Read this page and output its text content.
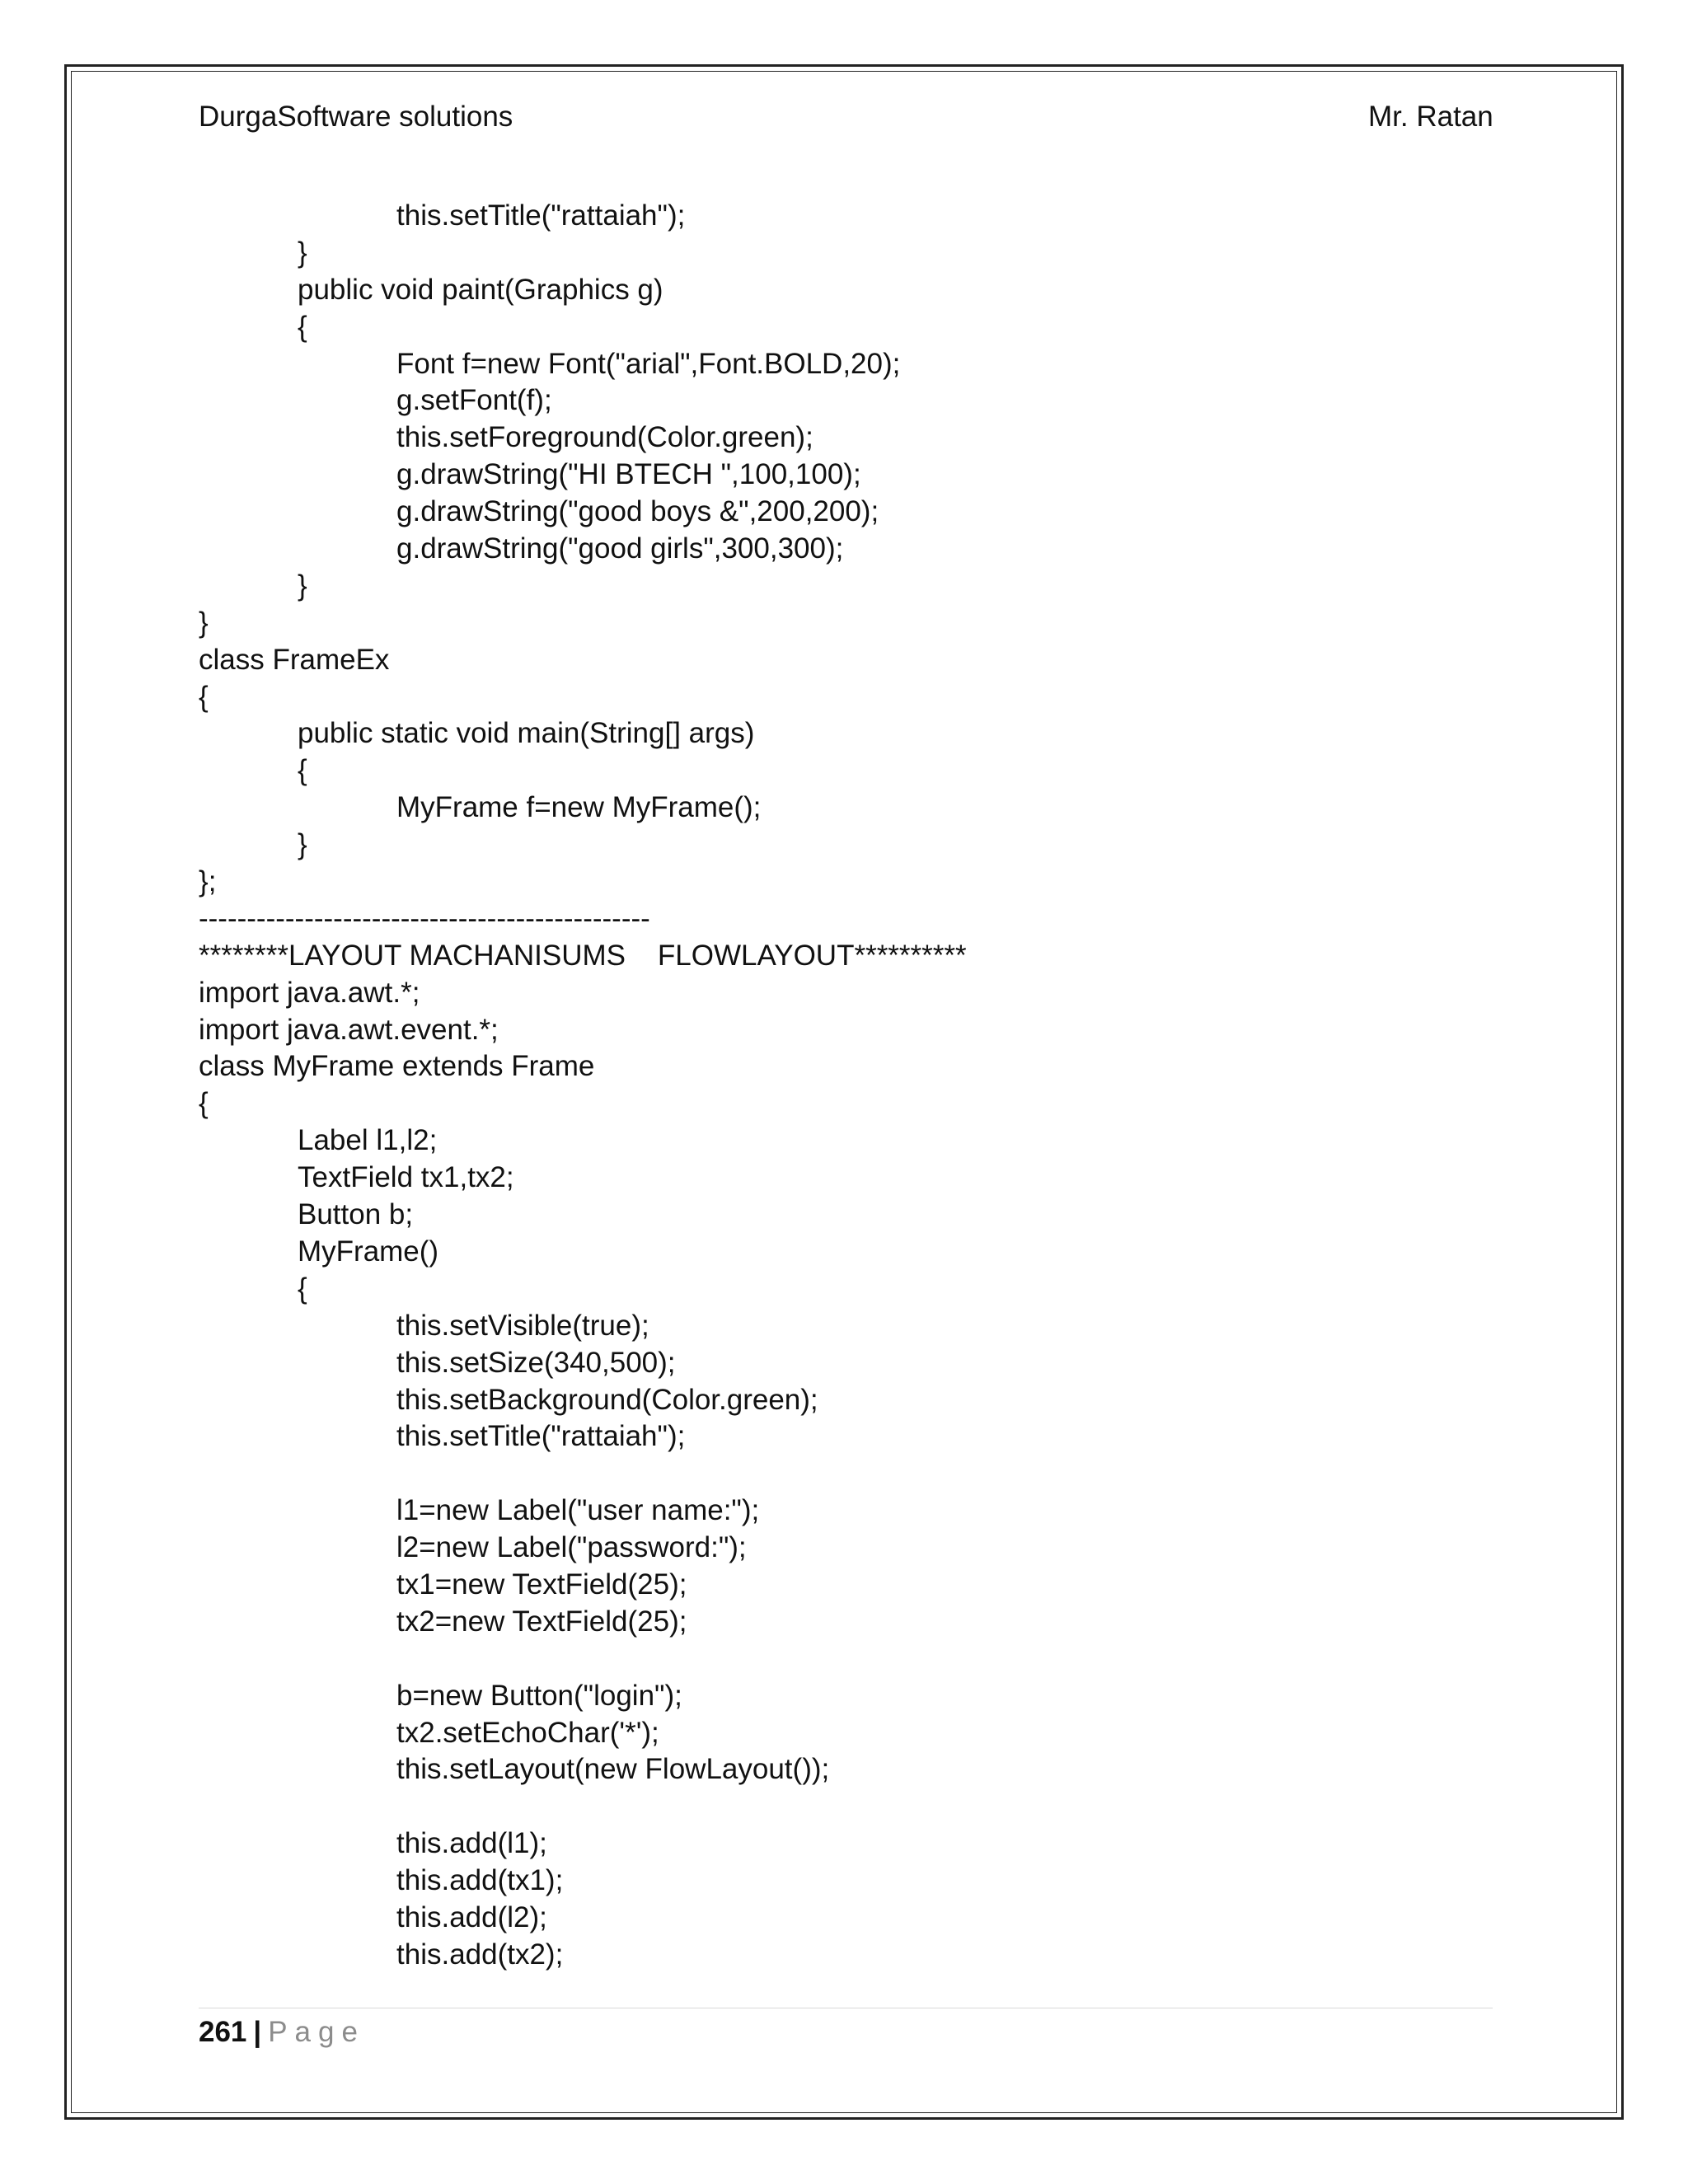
DurgaSoftware solutions	Mr. Ratan
this.setTitle("rattaiah");
}
public void paint(Graphics g)
{
Font f=new Font("arial",Font.BOLD,20);
g.setFont(f);
this.setForeground(Color.green);
g.drawString("HI BTECH ",100,100);
g.drawString("good boys &",200,200);
g.drawString("good girls",300,300);
}
}
class FrameEx
{
public static void main(String[] args)
{
MyFrame f=new MyFrame();
}
};
-----------------------------------------------
********LAYOUT MACHANISUMS    FLOWLAYOUT**********
import java.awt.*;
import java.awt.event.*;
class MyFrame extends Frame
{
Label l1,l2;
TextField tx1,tx2;
Button b;
MyFrame()
{
this.setVisible(true);
this.setSize(340,500);
this.setBackground(Color.green);
this.setTitle("rattaiah");
l1=new Label("user name:");
l2=new Label("password:");
tx1=new TextField(25);
tx2=new TextField(25);
b=new Button("login");
tx2.setEchoChar('*');
this.setLayout(new FlowLayout());
this.add(l1);
this.add(tx1);
this.add(l2);
this.add(tx2);
261 | Page
